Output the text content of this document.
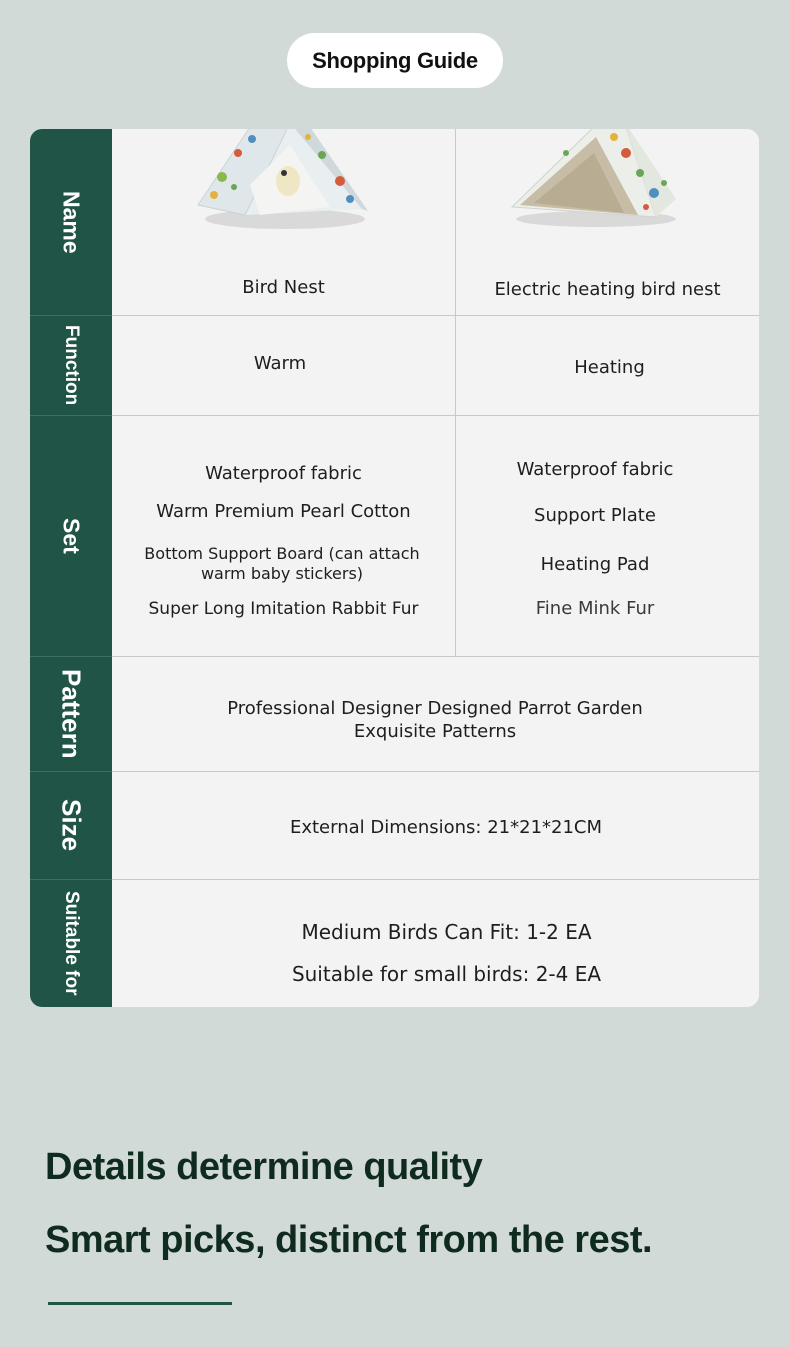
Shopping Guide
Name
Function
Set
Pattern
Size
Suitable for
Bird Nest	Electric heating bird nest
Warm	Heating
Waterproof fabric
Warm Premium Pearl Cotton
Bottom Support Board (can attach warm baby stickers)
Super Long Imitation Rabbit Fur
Waterproof fabric
Support Plate
Heating Pad
Fine Mink Fur
Professional Designer Designed Parrot Garden Exquisite Patterns
External Dimensions: 21*21*21CM
Medium Birds Can Fit: 1-2 EA
Suitable for small birds: 2-4 EA
Details determine quality
Smart picks, distinct from the rest.
